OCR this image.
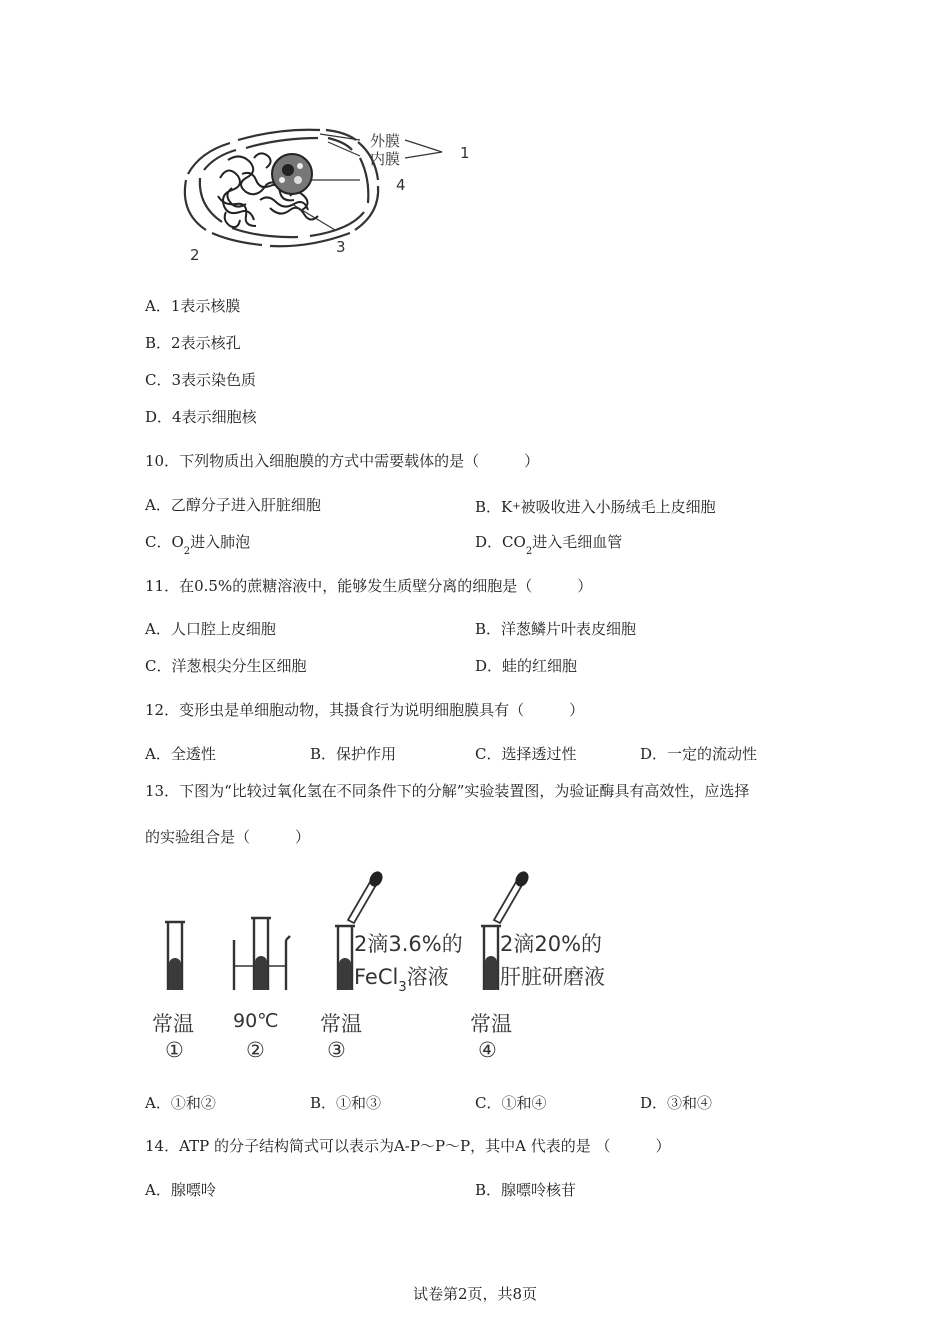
外膜
内膜	1
4
3
2
A．1表示核膜
B．2表示核孔
C．3表示染色质
D．4表示细胞核
10．下列物质出入细胞膜的方式中需要载体的是（　　　）
A．乙醇分子进入肝脏细胞	B．K+被吸收进入小肠绒毛上皮细胞
C．$O_2$进入肺泡	D．$CO_2$进入毛细血管
11．在0.5%的蔗糖溶液中，能够发生质壁分离的细胞是（　　　）
A．人口腔上皮细胞	B．洋葱鳞片叶表皮细胞
C．洋葱根尖分生区细胞	D．蛙的红细胞
12．变形虫是单细胞动物，其摄食行为说明细胞膜具有（　　　）
A．全透性	B．保护作用	C．选择透过性	D．一定的流动性
13．下图为“比较过氧化氢在不同条件下的分解”实验装置图，为验证酶具有高效性，应选择
的实验组合是（　　　）
2滴3.6%的
FeCl$_3$溶液
2滴20%的
肝脏研磨液
常温 90℃ 常温	常温
①	②	③	④
A．①和②	B．①和③	C．①和④	D．③和④
14．ATP 的分子结构简式可以表示为A-P～P～P，其中A 代表的是 （　　　）
A．腺嘌呤	B．腺嘌呤核苷
试卷第2页，共8页
